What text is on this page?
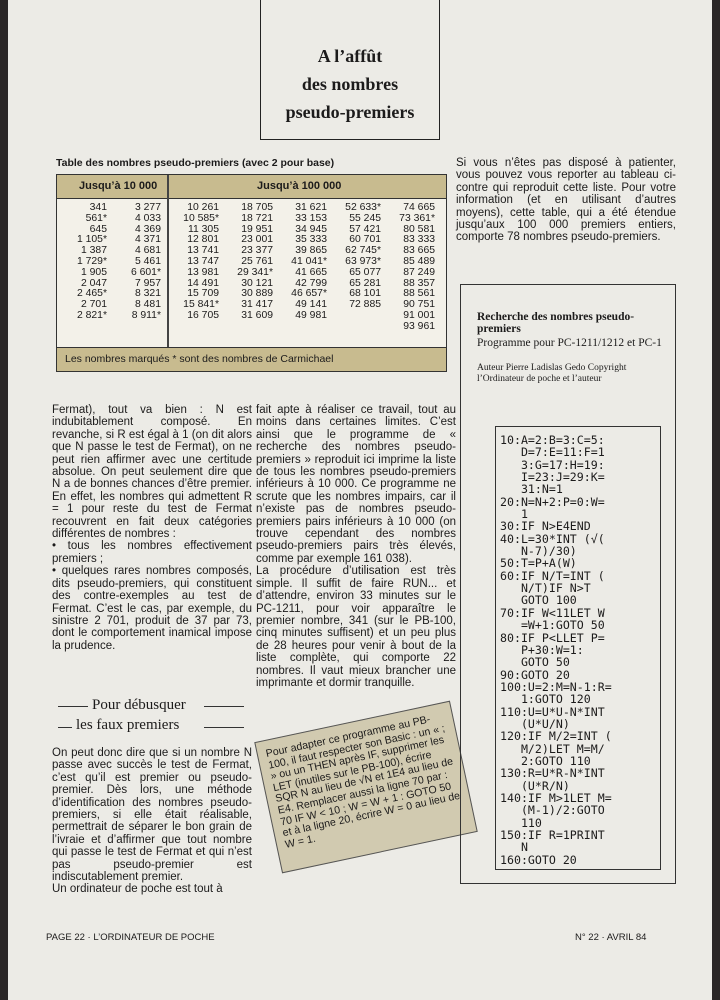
A l’affût
des nombres
pseudo-premiers
Table des nombres pseudo-premiers (avec 2 pour base)
Jusqu’à 10 000	Jusqu’à 100 000
341
561*
645
1 105*
1 387
1 729*
1 905
2 047
2 465*
2 701
2 821*
3 277
4 033
4 369
4 371
4 681
5 461
6 601*
7 957
8 321
8 481
8 911*
10 261
10 585*
11 305
12 801
13 741
13 747
13 981
14 491
15 709
15 841*
16 705
18 705
18 721
19 951
23 001
23 377
25 761
29 341*
30 121
30 889
31 417
31 609
31 621
33 153
34 945
35 333
39 865
41 041*
41 665
42 799
46 657*
49 141
49 981
52 633*
55 245
57 421
60 701
62 745*
63 973*
65 077
65 281
68 101
72 885
74 665
73 361*
80 581
83 333
83 665
85 489
87 249
88 357
88 561
90 751
91 001
93 961
Les nombres marqués * sont des nombres de Carmichael
Si vous n’êtes pas disposé à patienter, vous pouvez vous reporter au tableau ci-contre qui reproduit cette liste. Pour votre information (et en utilisant d’autres moyens), cette table, qui a été étendue jusqu’aux 100 000 premiers entiers, comporte 78 nombres pseudo-premiers.
Fermat), tout va bien : N est indubitablement composé. En revanche, si R est égal à 1 (on dit alors que N passe le test de Fermat), on ne peut rien affirmer avec une certitude absolue. On peut seulement dire que N a de bonnes chances d’être premier. En effet, les nombres qui admettent R = 1 pour reste du test de Fermat recouvrent en fait deux catégories différentes de nombres :
• tous les nombres effectivement premiers ;
• quelques rares nombres composés, dits pseudo-premiers, qui constituent des contre-exemples au test de Fermat. C’est le cas, par exemple, du sinistre 2 701, produit de 37 par 73, dont le comportement inamical impose la prudence.
Pour débusquer
les faux premiers
On peut donc dire que si un nombre N passe avec succès le test de Fermat, c’est qu’il est premier ou pseudo-premier. Dès lors, une méthode d’identification des nombres pseudo-premiers, si elle était réalisable, permettrait de séparer le bon grain de l’ivraie et d’affirmer que tout nombre qui passe le test de Fermat et qui n’est pas pseudo-premier est indiscutablement premier.
Un ordinateur de poche est tout à
fait apte à réaliser ce travail, tout au moins dans certaines limites. C’est ainsi que le programme de « recherche des nombres pseudo-premiers » reproduit ici imprime la liste de tous les nombres pseudo-premiers inférieurs à 10 000. Ce programme ne scrute que les nombres impairs, car il n’existe pas de nombres pseudo-premiers pairs inférieurs à 10 000 (on trouve cependant des nombres pseudo-premiers pairs très élevés, comme par exemple 161 038).
La procédure d’utilisation est très simple. Il suffit de faire RUN... et d’attendre, environ 33 minutes sur le PC-1211, pour voir apparaître le premier nombre, 341 (sur le PB-100, cinq minutes suffisent) et un peu plus de 28 heures pour venir à bout de la liste complète, qui comporte 22 nombres. Il vaut mieux brancher une imprimante et dormir tranquille.
Pour adapter ce programme au PB-100, il faut respecter son Basic : un « ; » ou un THEN après IF, supprimer les LET (inutiles sur le PB-100), écrire SQR N au lieu de √N et 1E4 au lieu de E4. Remplacer aussi la ligne 70 par : 70 IF W < 10 ; W = W + 1 : GOTO 50 et à la ligne 20, écrire W = 0 au lieu de W = 1.
Recherche des nombres pseudo-premiers
Programme pour PC-1211/1212 et PC-1
Auteur Pierre Ladislas Gedo Copyright l’Ordinateur de poche et l’auteur
10:A=2:B=3:C=5:
D=7:E=11:F=1
3:G=17:H=19:
I=23:J=29:K=
31:N=1
20:N=N+2:P=0:W=
1
30:IF N>E4END
40:L=30*INT (√(
N-7)/30)
50:T=P+A(W)
60:IF N/T=INT (
N/T)IF N>T
GOTO 100
70:IF W<11LET W
=W+1:GOTO 50
80:IF P<LLET P=
P+30:W=1:
GOTO 50
90:GOTO 20
100:U=2:M=N-1:R=
1:GOTO 120
110:U=U*U-N*INT
(U*U/N)
120:IF M/2=INT (
M/2)LET M=M/
2:GOTO 110
130:R=U*R-N*INT
(U*R/N)
140:IF M>1LET M=
(M-1)/2:GOTO
110
150:IF R=1PRINT
N
160:GOTO 20
PAGE 22 · L’ORDINATEUR DE POCHE	N° 22 · AVRIL 84
